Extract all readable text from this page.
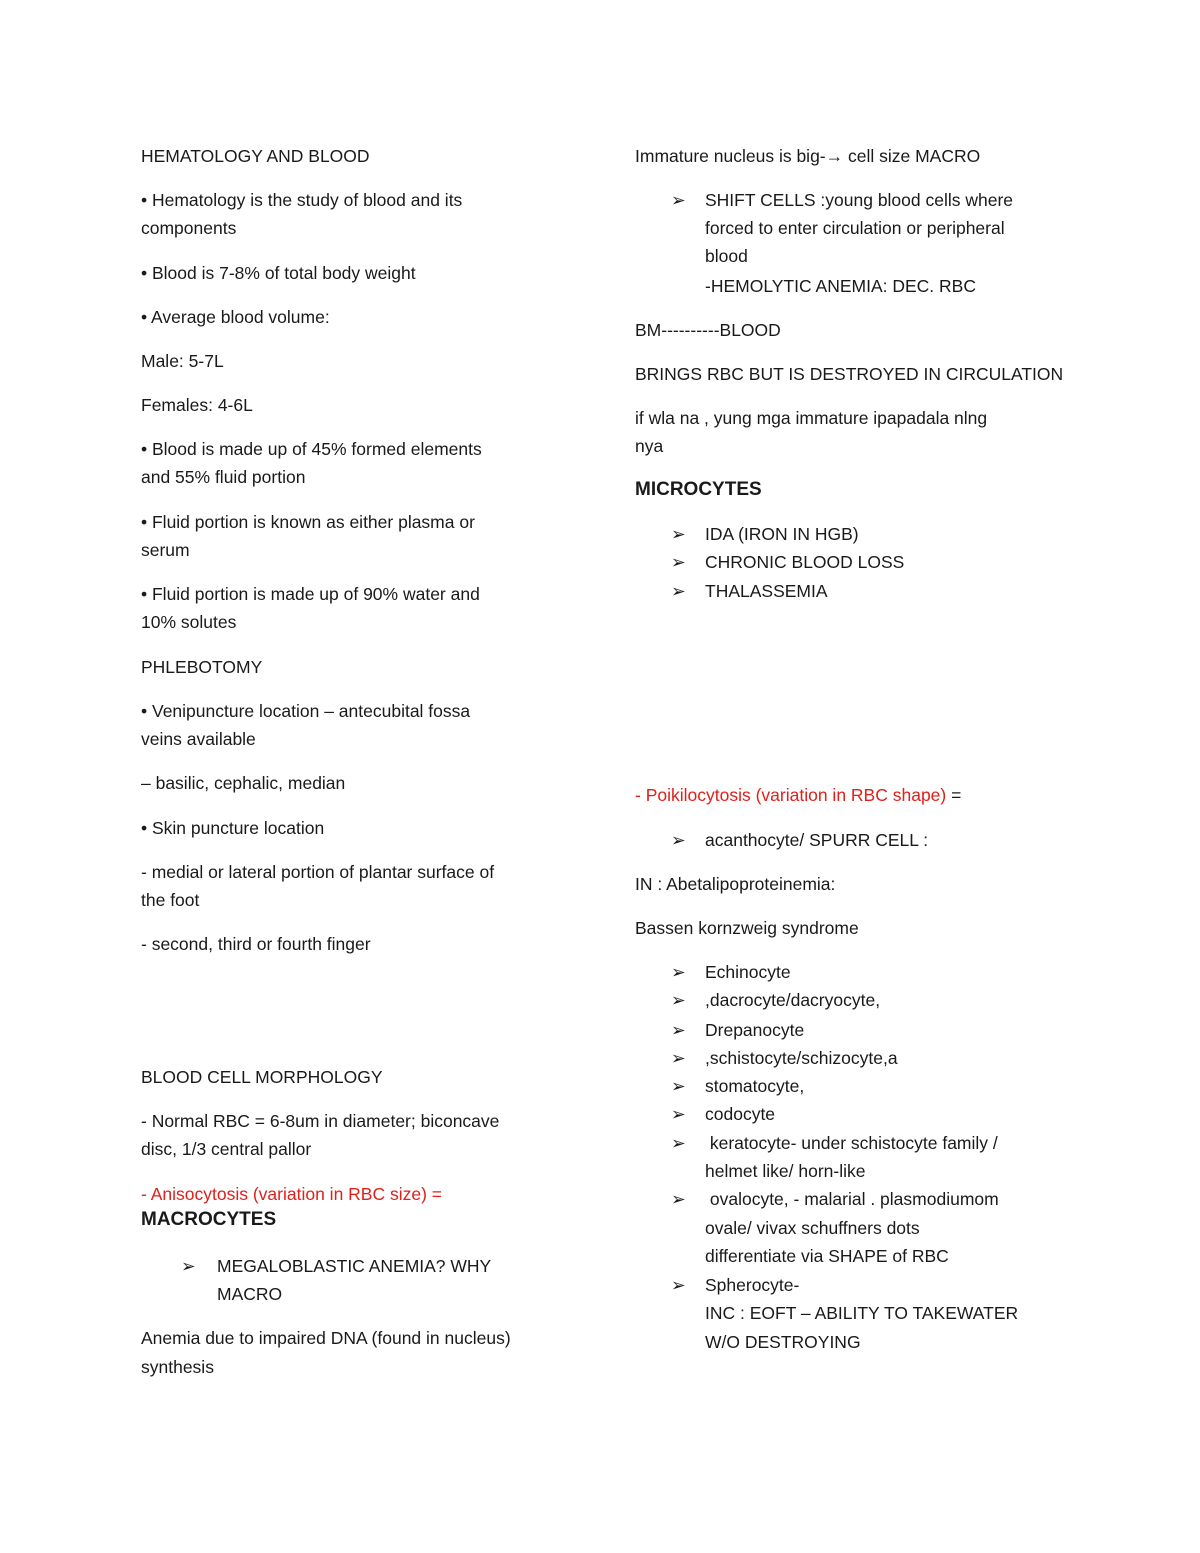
HEMATOLOGY AND BLOOD

• Hematology is the study of blood and its

components

• Blood is 7-8% of total body weight

• Average blood volume:

Male: 5-7L

Females: 4-6L

• Blood is made up of 45% formed elements

and 55% fluid portion

• Fluid portion is known as either plasma or

serum

• Fluid portion is made up of 90% water and

10% solutes

PHLEBOTOMY

• Venipuncture location – antecubital fossa

veins available

– basilic, cephalic, median

• Skin puncture location

- medial or lateral portion of plantar surface of

the foot

- second, third or fourth finger

BLOOD CELL MORPHOLOGY

- Normal RBC = 6-8um in diameter; biconcave

disc, 1/3 central pallor

- Anisocytosis (variation in RBC size) =

MACROCYTES

➢ MEGALOBLASTIC ANEMIA? WHY

MACRO

Anemia due to impaired DNA (found in nucleus)

synthesis

Immature nucleus is big-→ cell size MACRO

➢ SHIFT CELLS :young blood cells where

forced to enter circulation or peripheral

blood

-HEMOLYTIC ANEMIA: DEC. RBC

BM----------BLOOD

BRINGS RBC BUT IS DESTROYED IN CIRCULATION

if wla na , yung mga immature ipapadala nlng

nya

MICROCYTES

➢ IDA (IRON IN HGB)

➢ CHRONIC BLOOD LOSS

➢ THALASSEMIA

- Poikilocytosis (variation in RBC shape) =

➢ acanthocyte/ SPURR CELL :

IN : Abetalipoproteinemia:

Bassen kornzweig syndrome

➢ Echinocyte

➢ ,dacrocyte/dacryocyte,

➢ Drepanocyte

➢ ,schistocyte/schizocyte,a

➢ stomatocyte,

➢ codocyte

➢ keratocyte- under schistocyte family /

helmet like/ horn-like

➢ ovalocyte, - malarial . plasmodiumom

ovale/ vivax schuffners dots

differentiate via SHAPE of RBC

➢ Spherocyte-

INC : EOFT – ABILITY TO TAKEWATER

W/O DESTROYING
